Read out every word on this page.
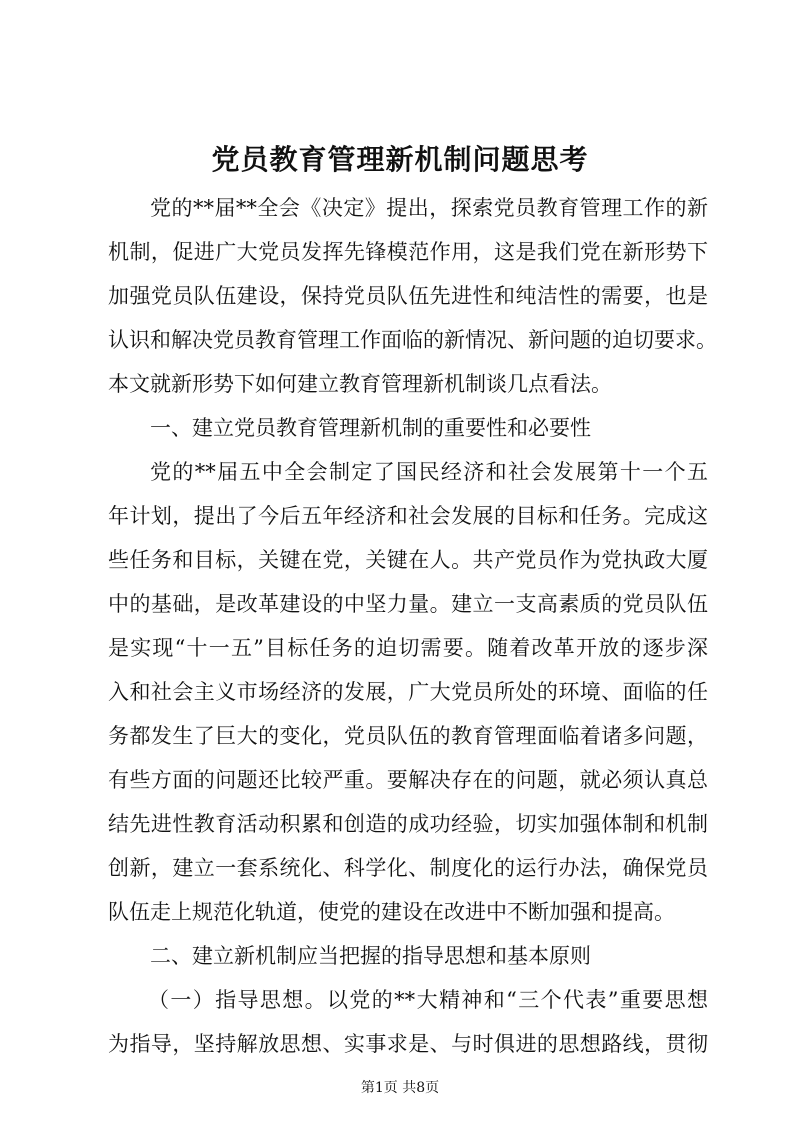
党员教育管理新机制问题思考
党的**届**全会《决定》提出，探索党员教育管理工作的新
机制，促进广大党员发挥先锋模范作用，这是我们党在新形势下
加强党员队伍建设，保持党员队伍先进性和纯洁性的需要，也是
认识和解决党员教育管理工作面临的新情况、新问题的迫切要求。
本文就新形势下如何建立教育管理新机制谈几点看法。
一、建立党员教育管理新机制的重要性和必要性
党的**届五中全会制定了国民经济和社会发展第十一个五
年计划，提出了今后五年经济和社会发展的目标和任务。完成这
些任务和目标，关键在党，关键在人。共产党员作为党执政大厦
中的基础，是改革建设的中坚力量。建立一支高素质的党员队伍
是实现“十一五”目标任务的迫切需要。随着改革开放的逐步深
入和社会主义市场经济的发展，广大党员所处的环境、面临的任
务都发生了巨大的变化，党员队伍的教育管理面临着诸多问题，
有些方面的问题还比较严重。要解决存在的问题，就必须认真总
结先进性教育活动积累和创造的成功经验，切实加强体制和机制
创新，建立一套系统化、科学化、制度化的运行办法，确保党员
队伍走上规范化轨道，使党的建设在改进中不断加强和提高。
二、建立新机制应当把握的指导思想和基本原则
（一）指导思想。以党的**大精神和“三个代表”重要思想
为指导，坚持解放思想、实事求是、与时俱进的思想路线，贯彻
第1页 共8页
